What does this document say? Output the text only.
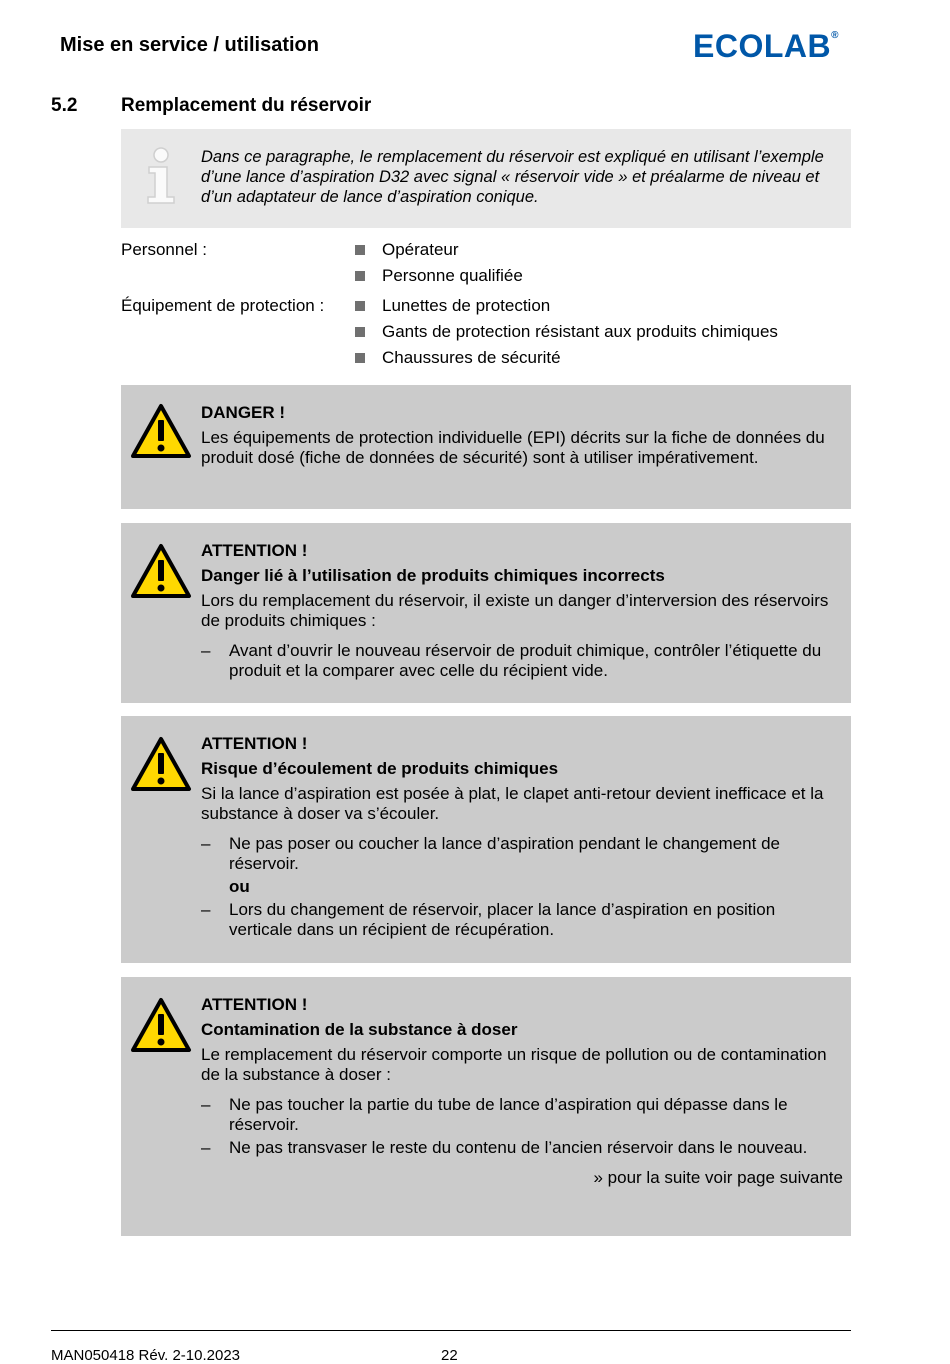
Mise en service / utilisation	ECOLAB®
5.2 Remplacement du réservoir
Dans ce paragraphe, le remplacement du réservoir est expliqué en utilisant l’exemple d’une lance d’aspiration D32 avec signal « réservoir vide » et préalarme de niveau et d’un adaptateur de lance d’aspiration conique.
Personnel :	Opérateur
Personne qualifiée
Équipement de protection :	Lunettes de protection
Gants de protection résistant aux produits chimiques
Chaussures de sécurité

DANGER !

Les équipements de protection individuelle (EPI) décrits sur la fiche de données du produit dosé (fiche de données de sécurité) sont à utiliser impérativement.

ATTENTION !

Danger lié à l’utilisation de produits chimiques incorrects

Lors du remplacement du réservoir, il existe un danger d’interversion des réservoirs de produits chimiques :

–	Avant d’ouvrir le nouveau réservoir de produit chimique, contrôler l’étiquette du produit et la comparer avec celle du récipient vide.

ATTENTION !

Risque d’écoulement de produits chimiques

Si la lance d’aspiration est posée à plat, le clapet anti-retour devient inefficace et la substance à doser va s’écouler.

–	Ne pas poser ou coucher la lance d’aspiration pendant le changement de réservoir.
ou
–	Lors du changement de réservoir, placer la lance d’aspiration en position verticale dans un récipient de récupération.

ATTENTION !

Contamination de la substance à doser

Le remplacement du réservoir comporte un risque de pollution ou de contamination de la substance à doser :

–	Ne pas toucher la partie du tube de lance d’aspiration qui dépasse dans le réservoir.
–	Ne pas transvaser le reste du contenu de l’ancien réservoir dans le nouveau.
» pour la suite voir page suivante
MAN050418 Rév. 2-10.2023	22
